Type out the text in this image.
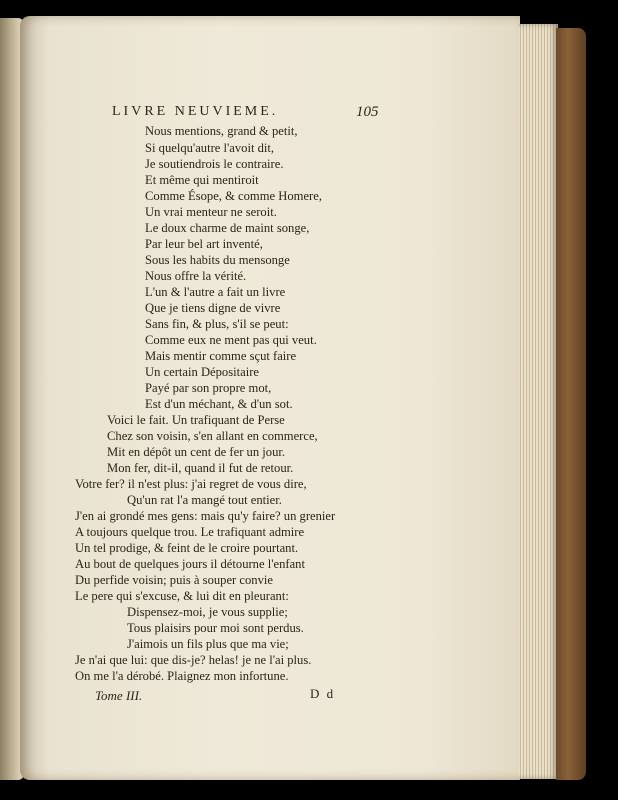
LIVRE NEUVIEME.	105
Nous mentions, grand & petit,
Si quelqu'autre l'avoit dit,
Je soutiendrois le contraire.
Et même qui mentiroit
Comme Ésope, & comme Homere,
Un vrai menteur ne seroit.
Le doux charme de maint songe,
Par leur bel art inventé,
Sous les habits du mensonge
Nous offre la vérité.
L'un & l'autre a fait un livre
Que je tiens digne de vivre
Sans fin, & plus, s'il se peut:
Comme eux ne ment pas qui veut.
Mais mentir comme sçut faire
Un certain Dépositaire
Payé par son propre mot,
Est d'un méchant, & d'un sot.
Voici le fait. Un trafiquant de Perse
Chez son voisin, s'en allant en commerce,
Mit en dépôt un cent de fer un jour.
Mon fer, dit-il, quand il fut de retour.
Votre fer? il n'est plus: j'ai regret de vous dire,
Qu'un rat l'a mangé tout entier.
J'en ai grondé mes gens: mais qu'y faire? un grenier
A toujours quelque trou. Le trafiquant admire
Un tel prodige, & feint de le croire pourtant.
Au bout de quelques jours il détourne l'enfant
Du perfide voisin; puis à souper convie
Le pere qui s'excuse, & lui dit en pleurant:
Dispensez-moi, je vous supplie;
Tous plaisirs pour moi sont perdus.
J'aimois un fils plus que ma vie;
Je n'ai que lui: que dis-je? helas! je ne l'ai plus.
On me l'a dérobé. Plaignez mon infortune.
Tome III.	D d
